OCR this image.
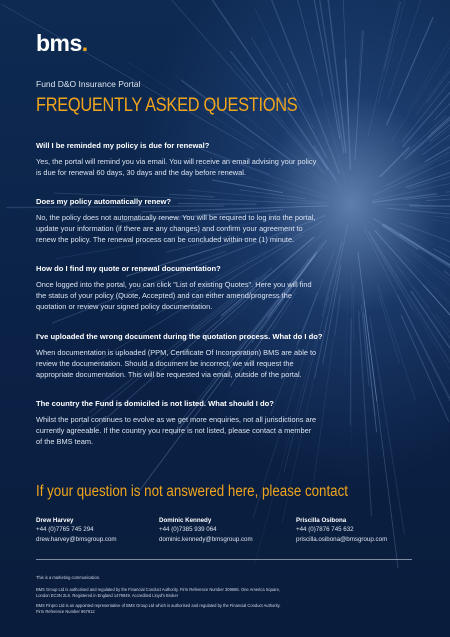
bms.
Fund D&O Insurance Portal
FREQUENTLY ASKED QUESTIONS
Will I be reminded my policy is due for renewal?
Yes, the portal will remind you via email. You will receive an email advising your policy
is due for renewal 60 days, 30 days and the day before renewal.
Does my policy automatically renew?
No, the policy does not automatically renew. You will be required to log into the portal,
update your information (if there are any changes) and confirm your agreement to
renew the policy. The renewal process can be concluded within one (1) minute.
How do I find my quote or renewal documentation?
Once logged into the portal, you can click "List of existing Quotes". Here you will find
the status of your policy (Quote, Accepted) and can either amend/progress the
quotation or review your signed policy documentation.
I've uploaded the wrong document during the quotation process. What do I do?
When documentation is uploaded (PPM, Certificate Of Incorporation) BMS are able to
review the documentation. Should a document be incorrect, we will request the
appropriate documentation. This will be requested via email, outside of the portal.
The country the Fund is domiciled is not listed. What should I do?
Whilst the portal continues to evolve as we get more enquiries, not all jurisdictions are
currently agreeable. If the country you require is not listed, please contact a member
of the BMS team.
If your question is not answered here, please contact
Drew Harvey
+44 (0)7765 745 294
drew.harvey@bmsgroup.com
Dominic Kennedy
+44 (0)7385 939 064
dominic.kennedy@bmsgroup.com
Priscilla Osibona
+44 (0)7876 745 632
priscilla.osibona@bmsgroup.com
This is a marketing communication.
BMS Group Ltd is authorised and regulated by the Financial Conduct Authority. Firm Reference Number 309686. One America Square,
London EC3N 2LS. Registered in England 1479949. Accredited Lloyd's Broker
BMS Finpro Ltd is an appointed representative of BMS Group Ltd which is authorised and regulated by the Financial Conduct Authority.
Firm Reference Number 967912
